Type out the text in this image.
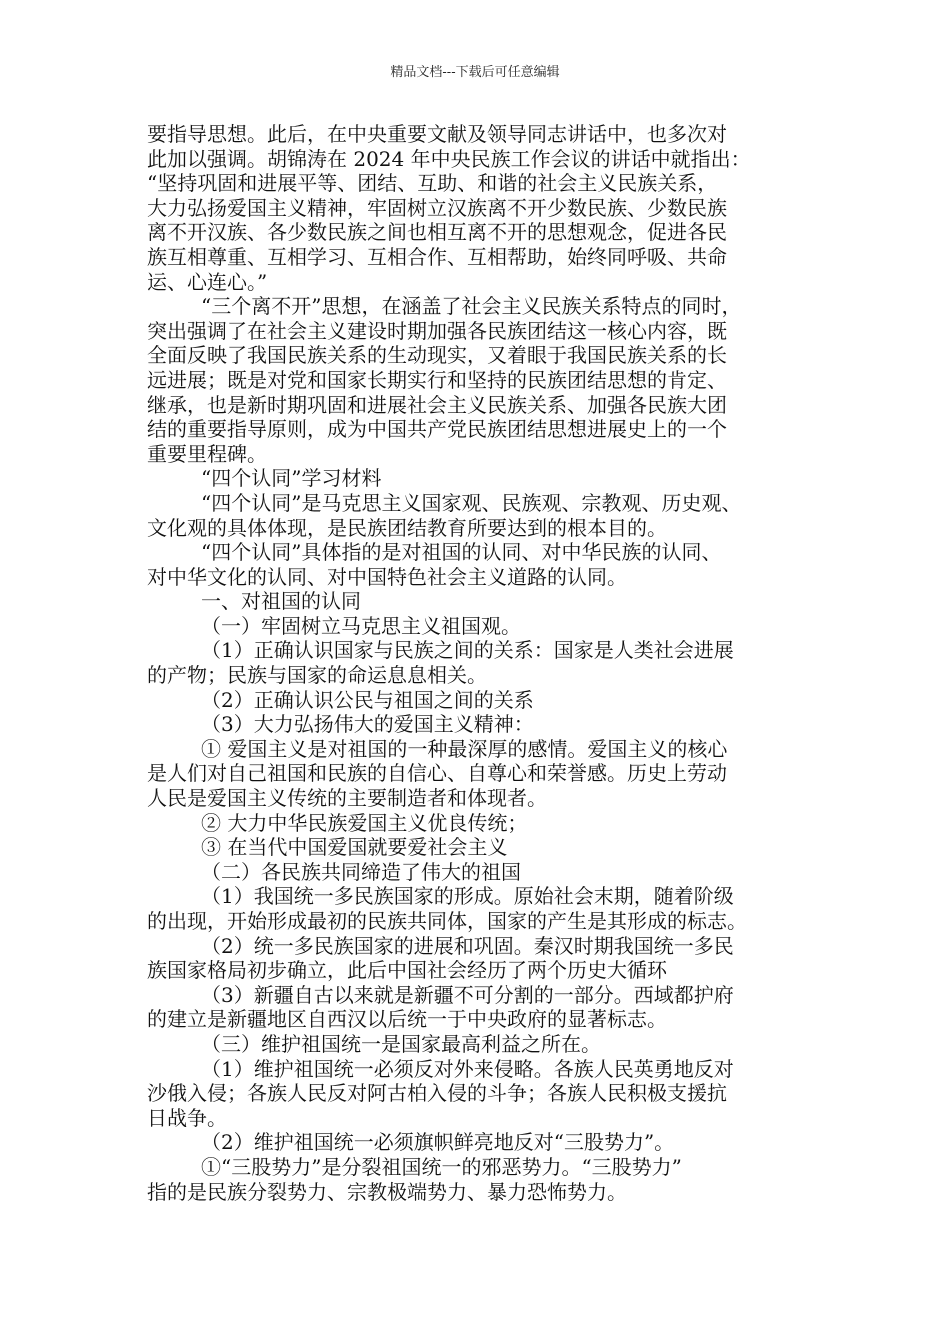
精品文档---下载后可任意编辑
要指导思想。此后，在中央重要文献及领导同志讲话中，也多次对
此加以强调。胡锦涛在 2024 年中央民族工作会议的讲话中就指出：
“坚持巩固和进展平等、团结、互助、和谐的社会主义民族关系，
大力弘扬爱国主义精神，牢固树立汉族离不开少数民族、少数民族
离不开汉族、各少数民族之间也相互离不开的思想观念，促进各民
族互相尊重、互相学习、互相合作、互相帮助，始终同呼吸、共命
运、心连心。”
“三个离不开”思想，在涵盖了社会主义民族关系特点的同时，
突出强调了在社会主义建设时期加强各民族团结这一核心内容，既
全面反映了我国民族关系的生动现实，又着眼于我国民族关系的长
远进展；既是对党和国家长期实行和坚持的民族团结思想的肯定、
继承，也是新时期巩固和进展社会主义民族关系、加强各民族大团
结的重要指导原则，成为中国共产党民族团结思想进展史上的一个
重要里程碑。
“四个认同”学习材料
“四个认同”是马克思主义国家观、民族观、宗教观、历史观、
文化观的具体体现，是民族团结教育所要达到的根本目的。
“四个认同”具体指的是对祖国的认同、对中华民族的认同、
对中华文化的认同、对中国特色社会主义道路的认同。
一、对祖国的认同
（一）牢固树立马克思主义祖国观。
（1）正确认识国家与民族之间的关系：国家是人类社会进展
的产物；民族与国家的命运息息相关。
（2）正确认识公民与祖国之间的关系
（3）大力弘扬伟大的爱国主义精神：
① 爱国主义是对祖国的一种最深厚的感情。爱国主义的核心
是人们对自己祖国和民族的自信心、自尊心和荣誉感。历史上劳动
人民是爱国主义传统的主要制造者和体现者。
② 大力中华民族爱国主义优良传统；
③ 在当代中国爱国就要爱社会主义
（二）各民族共同缔造了伟大的祖国
（1）我国统一多民族国家的形成。原始社会末期，随着阶级
的出现，开始形成最初的民族共同体，国家的产生是其形成的标志。
（2）统一多民族国家的进展和巩固。秦汉时期我国统一多民
族国家格局初步确立，此后中国社会经历了两个历史大循环
（3）新疆自古以来就是新疆不可分割的一部分。西域都护府
的建立是新疆地区自西汉以后统一于中央政府的显著标志。
（三）维护祖国统一是国家最高利益之所在。
（1）维护祖国统一必须反对外来侵略。各族人民英勇地反对
沙俄入侵；各族人民反对阿古柏入侵的斗争；各族人民积极支援抗
日战争。
（2）维护祖国统一必须旗帜鲜亮地反对“三股势力”。
①“三股势力”是分裂祖国统一的邪恶势力。“三股势力”
指的是民族分裂势力、宗教极端势力、暴力恐怖势力。
